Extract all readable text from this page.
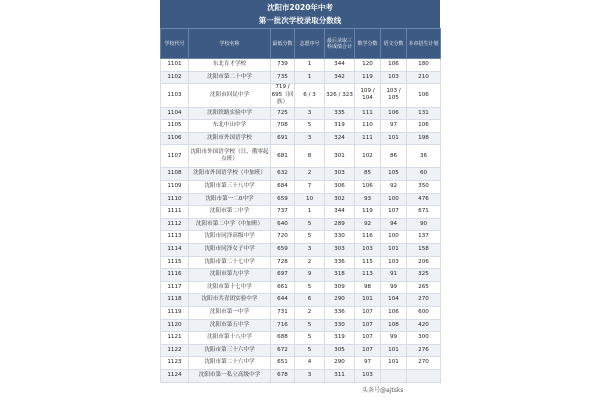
沈阳市2020年中考
第一批次学校录取分数线
学校代号	学校名称	最低分数	志愿序号	最后录取三科成绩合计	数学分数	语文分数	本市招生计划
1101	东北育才学校	739	1	344	120	106	180
1102	沈阳市第二十中学	735	1	342	119	103	210
1103	沈阳市回民中学	719 / 695（回族）	6 / 3	326 / 323	109 / 104	103 / 105	106
1104	沈阳铁路实验中学	725	3	335	111	106	131
1105	东北中山中学	708	5	319	110	97	106
1106	沈阳市外国语学校	691	3	324	111	101	198
1107	沈阳市外国语学校（日、俄零起点班）	681	8	301	102	86	36
1108	沈阳市外国语学校（中加班）	632	2	303	85	105	60
1109	沈阳市第三十八中学	684	7	306	106	92	350
1110	沈阳市第一二0中学	659	10	302	93	100	476
1111	沈阳市第二中学	737	1	344	119	107	671
1112	沈阳市第二中学（中加班）	640	5	289	92	94	90
1113	沈阳市同泽高级中学	720	5	330	116	100	137
1114	沈阳市同泽女子中学	659	3	303	103	101	158
1115	沈阳市第二十七中学	728	2	336	115	103	206
1116	沈阳市第九中学	697	9	318	113	91	325
1117	沈阳市第十七中学	661	5	309	98	99	265
1118	沈阳市共青团实验中学	644	6	290	101	104	270
1119	沈阳市第一中学	731	2	336	107	106	600
1120	沈阳市第五中学	716	5	330	107	108	420
1121	沈阳市第十八中学	688	5	319	107	99	300
1122	沈阳市第三十六中学	672	5	305	107	101	276
1123	沈阳市第二十六中学	651	4	290	97	101	270
1124	沈阳市第一私立高级中学	678	3	311	103		
头条号@ajtsks
